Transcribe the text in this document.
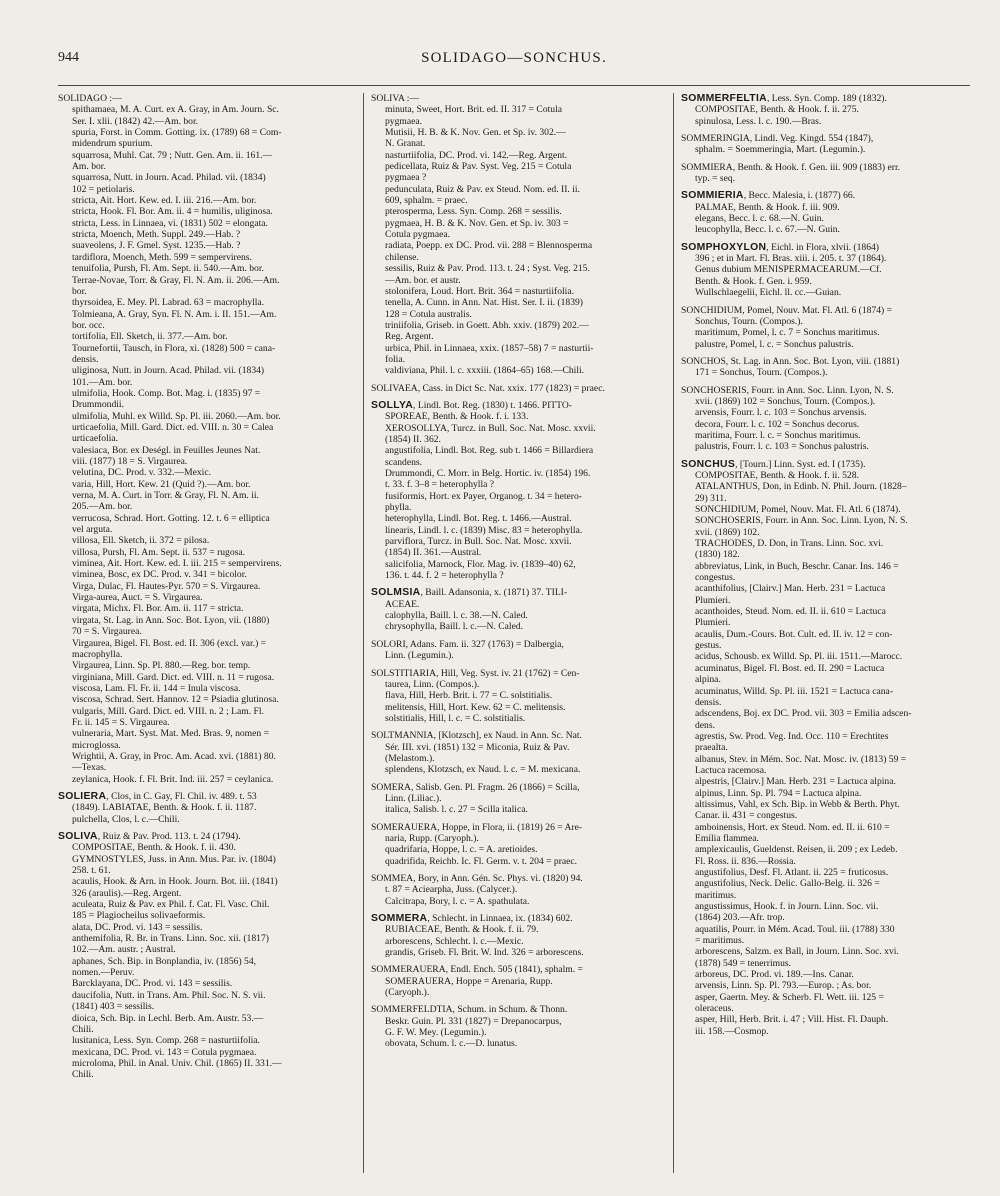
944	SOLIDAGO—SONCHUS.
SOLIDAGO :—
spithamaea, M. A. Curt. ex A. Gray, in Am. Journ. Sc.
Ser. I. xlii. (1842) 42.—Am. bor.
spuria, Forst. in Comm. Gotting. ix. (1789) 68 = Com-
midendrum spurium.
squarrosa, Muhl. Cat. 79 ; Nutt. Gen. Am. ii. 161.—
Am. bor.
squarrosa, Nutt. in Journ. Acad. Philad. vii. (1834)
102 = petiolaris.
stricta, Ait. Hort. Kew. ed. I. iii. 216.—Am. bor.
stricta, Hook. Fl. Bor. Am. ii. 4 = humilis, uliginosa.
stricta, Less. in Linnaea, vi. (1831) 502 = elongata.
stricta, Moench, Meth. Suppl. 249.—Hab. ?
suaveolens, J. F. Gmel. Syst. 1235.—Hab. ?
tardiflora, Moench, Meth. 599 = sempervirens.
tenuifolia, Pursh, Fl. Am. Sept. ii. 540.—Am. bor.
Terrae-Novae, Torr. & Gray, Fl. N. Am. ii. 206.—Am.
bor.
thyrsoidea, E. Mey. Pl. Labrad. 63 = macrophylla.
Tolmieana, A. Gray, Syn. Fl. N. Am. i. II. 151.—Am.
bor. occ.
tortifolia, Ell. Sketch, ii. 377.—Am. bor.
Tournefortii, Tausch, in Flora, xi. (1828) 500 = cana-
densis.
uliginosa, Nutt. in Journ. Acad. Philad. vii. (1834)
101.—Am. bor.
ulmifolia, Hook. Comp. Bot. Mag. i. (1835) 97 =
Drummondii.
ulmifolia, Muhl. ex Willd. Sp. Pl. iii. 2060.—Am. bor.
urticaefolia, Mill. Gard. Dict. ed. VIII. n. 30 = Calea
urticaefolia.
valesiaca, Bor. ex Deségl. in Feuilles Jeunes Nat.
viii. (1877) 18 = S. Virgaurea.
velutina, DC. Prod. v. 332.—Mexic.
varia, Hill, Hort. Kew. 21 (Quid ?).—Am. bor.
verna, M. A. Curt. in Torr. & Gray, Fl. N. Am. ii.
205.—Am. bor.
verrucosa, Schrad. Hort. Gotting. 12. t. 6 = elliptica
vel arguta.
villosa, Ell. Sketch, ii. 372 = pilosa.
villosa, Pursh, Fl. Am. Sept. ii. 537 = rugosa.
viminea, Ait. Hort. Kew. ed. I. iii. 215 = sempervirens.
viminea, Bosc, ex DC. Prod. v. 341 = bicolor.
Virga, Dulac, Fl. Hautes-Pyr. 570 = S. Virgaurea.
Virga-aurea, Auct. = S. Virgaurea.
virgata, Michx. Fl. Bor. Am. ii. 117 = stricta.
virgata, St. Lag. in Ann. Soc. Bot. Lyon, vii. (1880)
70 = S. Virgaurea.
Virgaurea, Bigel. Fl. Bost. ed. II. 306 (excl. var.) =
macrophylla.
Virgaurea, Linn. Sp. Pl. 880.—Reg. bor. temp.
virginiana, Mill. Gard. Dict. ed. VIII. n. 11 = rugosa.
viscosa, Lam. Fl. Fr. ii. 144 = Inula viscosa.
viscosa, Schrad. Sert. Hannov. 12 = Psiadia glutinosa.
vulgaris, Mill. Gard. Dict. ed. VIII. n. 2 ; Lam. Fl.
Fr. ii. 145 = S. Virgaurea.
vulneraria, Mart. Syst. Mat. Med. Bras. 9, nomen =
microglossa.
Wrightii, A. Gray, in Proc. Am. Acad. xvi. (1881) 80.
—Texas.
zeylanica, Hook. f. Fl. Brit. Ind. iii. 257 = ceylanica.
SOLIERA, Clos, in C. Gay, Fl. Chil. iv. 489. t. 53
(1849). LABIATAE, Benth. & Hook. f. ii. 1187.
pulchella, Clos, l. c.—Chili.
SOLIVA, Ruiz & Pav. Prod. 113. t. 24 (1794).
COMPOSITAE, Benth. & Hook. f. ii. 430.
GYMNOSTYLES, Juss. in Ann. Mus. Par. iv. (1804)
258. t. 61.
acaulis, Hook. & Arn. in Hook. Journ. Bot. iii. (1841)
326 (araulis).—Reg. Argent.
aculeata, Ruiz & Pav. ex Phil. f. Cat. Fl. Vasc. Chil.
185 = Plagiocheilus solivaeformis.
alata, DC. Prod. vi. 143 = sessilis.
anthemifolia, R. Br. in Trans. Linn. Soc. xii. (1817)
102.—Am. austr. ; Austral.
aphanes, Sch. Bip. in Bonplandia, iv. (1856) 54,
nomen.—Peruv.
Barcklayana, DC. Prod. vi. 143 = sessilis.
daucifolia, Nutt. in Trans. Am. Phil. Soc. N. S. vii.
(1841) 403 = sessilis.
dioica, Sch. Bip. in Lechl. Berb. Am. Austr. 53.—
Chili.
lusitanica, Less. Syn. Comp. 268 = nasturtiifolia.
mexicana, DC. Prod. vi. 143 = Cotula pygmaea.
microloma, Phil. in Anal. Univ. Chil. (1865) II. 331.—
Chili.
SOLIVA :—
minuta, Sweet, Hort. Brit. ed. II. 317 = Cotula
pygmaea.
Mutisii, H. B. & K. Nov. Gen. et Sp. iv. 302.—
N. Granat.
nasturtiifolia, DC. Prod. vi. 142.—Reg. Argent.
pedicellata, Ruiz & Pav. Syst. Veg. 215 = Cotula
pygmaea ?
pedunculata, Ruiz & Pav. ex Steud. Nom. ed. II. ii.
609, sphalm. = praec.
pterosperma, Less. Syn. Comp. 268 = sessilis.
pygmaea, H. B. & K. Nov. Gen. et Sp. iv. 303 =
Cotula pygmaea.
radiata, Poepp. ex DC. Prod. vii. 288 = Blennosperma
chilense.
sessilis, Ruiz & Pav. Prod. 113. t. 24 ; Syst. Veg. 215.
—Am. bor. et austr.
stolonifera, Loud. Hort. Brit. 364 = nasturtiifolia.
tenella, A. Cunn. in Ann. Nat. Hist. Ser. I. ii. (1839)
128 = Cotula australis.
triniifolia, Griseb. in Goett. Abh. xxiv. (1879) 202.—
Reg. Argent.
urbica, Phil. in Linnaea, xxix. (1857–58) 7 = nasturtii-
folia.
valdiviana, Phil. l. c. xxxiii. (1864–65) 168.—Chili.
SOLIVAEA, Cass. in Dict Sc. Nat. xxix. 177 (1823) = praec.
SOLLYA, Lindl. Bot. Reg. (1830) t. 1466. PITTO-
SPOREAE, Benth. & Hook. f. i. 133.
XEROSOLLYA, Turcz. in Bull. Soc. Nat. Mosc. xxvii.
(1854) II. 362.
angustifolia, Lindl. Bot. Reg. sub t. 1466 = Billardiera
scandens.
Drummondi, C. Morr. in Belg. Hortic. iv. (1854) 196.
t. 33. f. 3–8 = heterophylla ?
fusiformis, Hort. ex Payer, Organog. t. 34 = hetero-
phylla.
heterophylla, Lindl. Bot. Reg. t. 1466.—Austral.
linearis, Lindl. l. c. (1839) Misc. 83 = heterophylla.
parviflora, Turcz. in Bull. Soc. Nat. Mosc. xxvii.
(1854) II. 361.—Austral.
salicifolia, Marnock, Flor. Mag. iv. (1839–40) 62,
136. t. 44. f. 2 = heterophylla ?
SOLMSIA, Baill. Adansonia, x. (1871) 37. TILI-
ACEAE.
calophylla, Baill. l. c. 38.—N. Caled.
chrysophylla, Baill. l. c.—N. Caled.
SOLORI, Adans. Fam. ii. 327 (1763) = Dalbergia,
Linn. (Legumin.).
SOLSTITIARIA, Hill, Veg. Syst. iv. 21 (1762) = Cen-
taurea, Linn. (Compos.).
flava, Hill, Herb. Brit. i. 77 = C. solstitialis.
melitensis, Hill, Hort. Kew. 62 = C. melitensis.
solstitialis, Hill, l. c. = C. solstitialis.
SOLTMANNIA, [Klotzsch], ex Naud. in Ann. Sc. Nat.
Sér. III. xvi. (1851) 132 = Miconia, Ruiz & Pav.
(Melastom.).
splendens, Klotzsch, ex Naud. l. c. = M. mexicana.
SOMERA, Salisb. Gen. Pl. Fragm. 26 (1866) = Scilla,
Linn. (Liliac.).
italica, Salisb. l. c. 27 = Scilla italica.
SOMERAUERA, Hoppe, in Flora, ii. (1819) 26 = Are-
naria, Rupp. (Caryoph.).
quadrifaria, Hoppe, l. c. = A. aretioides.
quadrifida, Reichb. Ic. Fl. Germ. v. t. 204 = praec.
SOMMEA, Bory, in Ann. Gén. Sc. Phys. vi. (1820) 94.
t. 87 = Aciearpha, Juss. (Calycer.).
Calcitrapa, Bory, l. c. = A. spathulata.
SOMMERA, Schlecht. in Linnaea, ix. (1834) 602.
RUBIACEAE, Benth. & Hook. f. ii. 79.
arborescens, Schlecht. l. c.—Mexic.
grandis, Griseb. Fl. Brit. W. Ind. 326 = arborescens.
SOMMERAUERA, Endl. Ench. 505 (1841), sphalm. =
SOMERAUERA, Hoppe = Arenaria, Rupp.
(Caryoph.).
SOMMERFELDTIA, Schum. in Schum. & Thonn.
Beskr. Guin. Pl. 331 (1827) = Drepanocarpus,
G. F. W. Mey. (Legumin.).
obovata, Schum. l. c.—D. lunatus.
SOMMERFELTIA, Less. Syn. Comp. 189 (1832).
COMPOSITAE, Benth. & Hook. f. ii. 275.
spinulosa, Less. l. c. 190.—Bras.
SOMMERINGIA, Lindl. Veg. Kingd. 554 (1847),
sphalm. = Soemmeringia, Mart. (Legumin.).
SOMMIERA, Benth. & Hook. f. Gen. iii. 909 (1883) err.
typ. = seq.
SOMMIERIA, Becc. Malesia, i. (1877) 66.
PALMAE, Benth. & Hook. f. iii. 909.
elegans, Becc. l. c. 68.—N. Guin.
leucophylla, Becc. l. c. 67.—N. Guin.
SOMPHOXYLON, Eichl. in Flora, xlvii. (1864)
396 ; et in Mart. Fl. Bras. xiii. i. 205. t. 37 (1864).
Genus dubium MENISPERMACEARUM.—Cf.
Benth. & Hook. f. Gen. i. 959.
Wullschlaegelii, Eichl. ll. cc.—Guian.
SONCHIDIUM, Pomel, Nouv. Mat. Fl. Atl. 6 (1874) =
Sonchus, Tourn. (Compos.).
maritimum, Pomel, l. c. 7 = Sonchus maritimus.
palustre, Pomel, l. c. = Sonchus palustris.
SONCHOS, St. Lag. in Ann. Soc. Bot. Lyon, viii. (1881)
171 = Sonchus, Tourn. (Compos.).
SONCHOSERIS, Fourr. in Ann. Soc. Linn. Lyon, N. S.
xvii. (1869) 102 = Sonchus, Tourn. (Compos.).
arvensis, Fourr. l. c. 103 = Sonchus arvensis.
decora, Fourr. l. c. 102 = Sonchus decorus.
maritima, Fourr. l. c. = Sonchus maritimus.
palustris, Fourr. l. c. 103 = Sonchus palustris.
SONCHUS, [Tourn.] Linn. Syst. ed. I (1735).
COMPOSITAE, Benth. & Hook. f. ii. 528.
ATALANTHUS, Don, in Edinb. N. Phil. Journ. (1828–
29) 311.
SONCHIDIUM, Pomel, Nouv. Mat. Fl. Atl. 6 (1874).
SONCHOSERIS, Fourr. in Ann. Soc. Linn. Lyon, N. S.
xvii. (1869) 102.
TRACHODES, D. Don, in Trans. Linn. Soc. xvi.
(1830) 182.
abbreviatus, Link, in Buch, Beschr. Canar. Ins. 146 =
congestus.
acanthifolius, [Clairv.] Man. Herb. 231 = Lactuca
Plumieri.
acanthoides, Steud. Nom. ed. II. ii. 610 = Lactuca
Plumieri.
acaulis, Dum.-Cours. Bot. Cult. ed. II. iv. 12 = con-
gestus.
acidus, Schousb. ex Willd. Sp. Pl. iii. 1511.—Marocc.
acuminatus, Bigel. Fl. Bost. ed. II. 290 = Lactuca
alpina.
acuminatus, Willd. Sp. Pl. iii. 1521 = Lactuca cana-
densis.
adscendens, Boj. ex DC. Prod. vii. 303 = Emilia adscen-
dens.
agrestis, Sw. Prod. Veg. Ind. Occ. 110 = Erechtites
praealta.
albanus, Stev. in Mém. Soc. Nat. Mosc. iv. (1813) 59 =
Lactuca racemosa.
alpestris, [Clairv.] Man. Herb. 231 = Lactuca alpina.
alpinus, Linn. Sp. Pl. 794 = Lactuca alpina.
altissimus, Vahl, ex Sch. Bip. in Webb & Berth. Phyt.
Canar. ii. 431 = congestus.
amboinensis, Hort. ex Steud. Nom. ed. II. ii. 610 =
Emilia flammea.
amplexicaulis, Gueldenst. Reisen, ii. 209 ; ex Ledeb.
Fl. Ross. ii. 836.—Rossia.
angustifolius, Desf. Fl. Atlant. ii. 225 = fruticosus.
angustifolius, Neck. Delic. Gallo-Belg. ii. 326 =
maritimus.
angustissimus, Hook. f. in Journ. Linn. Soc. vii.
(1864) 203.—Afr. trop.
aquatilis, Pourr. in Mém. Acad. Toul. iii. (1788) 330
= maritimus.
arborescens, Salzm. ex Ball, in Journ. Linn. Soc. xvi.
(1878) 549 = tenerrimus.
arboreus, DC. Prod. vi. 189.—Ins. Canar.
arvensis, Linn. Sp. Pl. 793.—Europ. ; As. bor.
asper, Gaertn. Mey. & Scherb. Fl. Wett. iii. 125 =
oleraceus.
asper, Hill, Herb. Brit. i. 47 ; Vill. Hist. Fl. Dauph.
iii. 158.—Cosmop.
